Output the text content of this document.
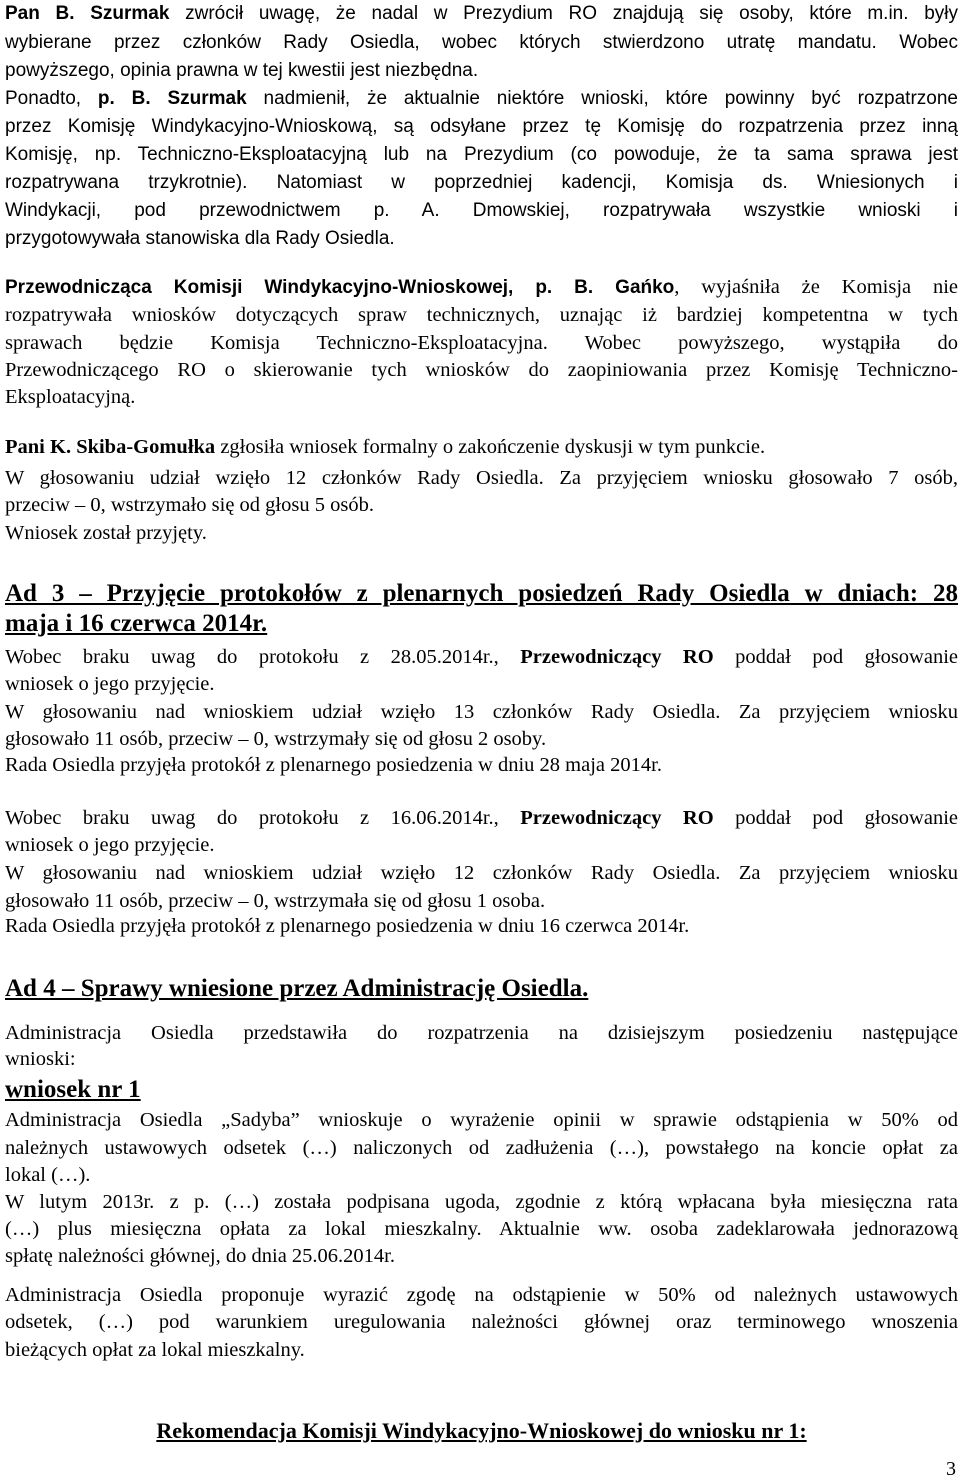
Pan B. Szurmak zwrócił uwagę, że nadal w Prezydium RO znajdują się osoby, które m.in. były
wybierane przez członków Rady Osiedla, wobec których stwierdzono utratę mandatu. Wobec
powyższego, opinia prawna w tej kwestii jest niezbędna.
Ponadto, p. B. Szurmak nadmienił, że aktualnie niektóre wnioski, które powinny być rozpatrzone
przez Komisję Windykacyjno-Wnioskową, są odsyłane przez tę Komisję do rozpatrzenia przez inną
Komisję, np. Techniczno-Eksploatacyjną lub na Prezydium (co powoduje, że ta sama sprawa jest
rozpatrywana trzykrotnie). Natomiast w poprzedniej kadencji, Komisja ds. Wniesionych i
Windykacji, pod przewodnictwem p. A. Dmowskiej, rozpatrywała wszystkie wnioski i
przygotowywała stanowiska dla Rady Osiedla.
Przewodnicząca Komisji Windykacyjno-Wnioskowej, p. B. Gańko, wyjaśniła że Komisja nie
rozpatrywała wniosków dotyczących spraw technicznych, uznając iż bardziej kompetentna w tych
sprawach będzie Komisja Techniczno-Eksploatacyjna. Wobec powyższego, wystąpiła do
Przewodniczącego RO o skierowanie tych wniosków do zaopiniowania przez Komisję Techniczno-
Eksploatacyjną.
Pani K. Skiba-Gomułka zgłosiła wniosek formalny o zakończenie dyskusji w tym punkcie.
W głosowaniu udział wzięło 12 członków Rady Osiedla. Za przyjęciem wniosku głosowało 7 osób,
przeciw – 0, wstrzymało się od głosu 5 osób.
Wniosek został przyjęty.
Ad 3 – Przyjęcie protokołów z plenarnych posiedzeń Rady Osiedla w dniach: 28
maja i 16 czerwca 2014r.
Wobec braku uwag do protokołu z 28.05.2014r., Przewodniczący RO poddał pod głosowanie
wniosek o jego przyjęcie.
W głosowaniu nad wnioskiem udział wzięło 13 członków Rady Osiedla. Za przyjęciem wniosku
głosowało 11 osób, przeciw – 0, wstrzymały się od głosu 2 osoby.
Rada Osiedla przyjęła protokół z plenarnego posiedzenia w dniu 28 maja 2014r.
Wobec braku uwag do protokołu z 16.06.2014r., Przewodniczący RO poddał pod głosowanie
wniosek o jego przyjęcie.
W głosowaniu nad wnioskiem udział wzięło 12 członków Rady Osiedla. Za przyjęciem wniosku
głosowało 11 osób, przeciw – 0, wstrzymała się od głosu 1 osoba.
Rada Osiedla przyjęła protokół z plenarnego posiedzenia w dniu 16 czerwca 2014r.
Ad 4 – Sprawy wniesione przez Administrację Osiedla.
Administracja Osiedla przedstawiła do rozpatrzenia na dzisiejszym posiedzeniu następujące
wnioski:
wniosek nr 1
Administracja Osiedla „Sadyba” wnioskuje o wyrażenie opinii w sprawie odstąpienia w 50% od
należnych ustawowych odsetek (…) naliczonych od zadłużenia (…), powstałego na koncie opłat za
lokal (…).
W lutym 2013r. z p. (…) została podpisana ugoda, zgodnie z którą wpłacana była miesięczna rata
(…) plus miesięczna opłata za lokal mieszkalny. Aktualnie ww. osoba zadeklarowała jednorazową
spłatę należności głównej, do dnia 25.06.2014r.
Administracja Osiedla proponuje wyrazić zgodę na odstąpienie w 50% od należnych ustawowych
odsetek, (…) pod warunkiem uregulowania należności głównej oraz terminowego wnoszenia
bieżących opłat za lokal mieszkalny.
Rekomendacja Komisji Windykacyjno-Wnioskowej do wniosku nr 1:
3
